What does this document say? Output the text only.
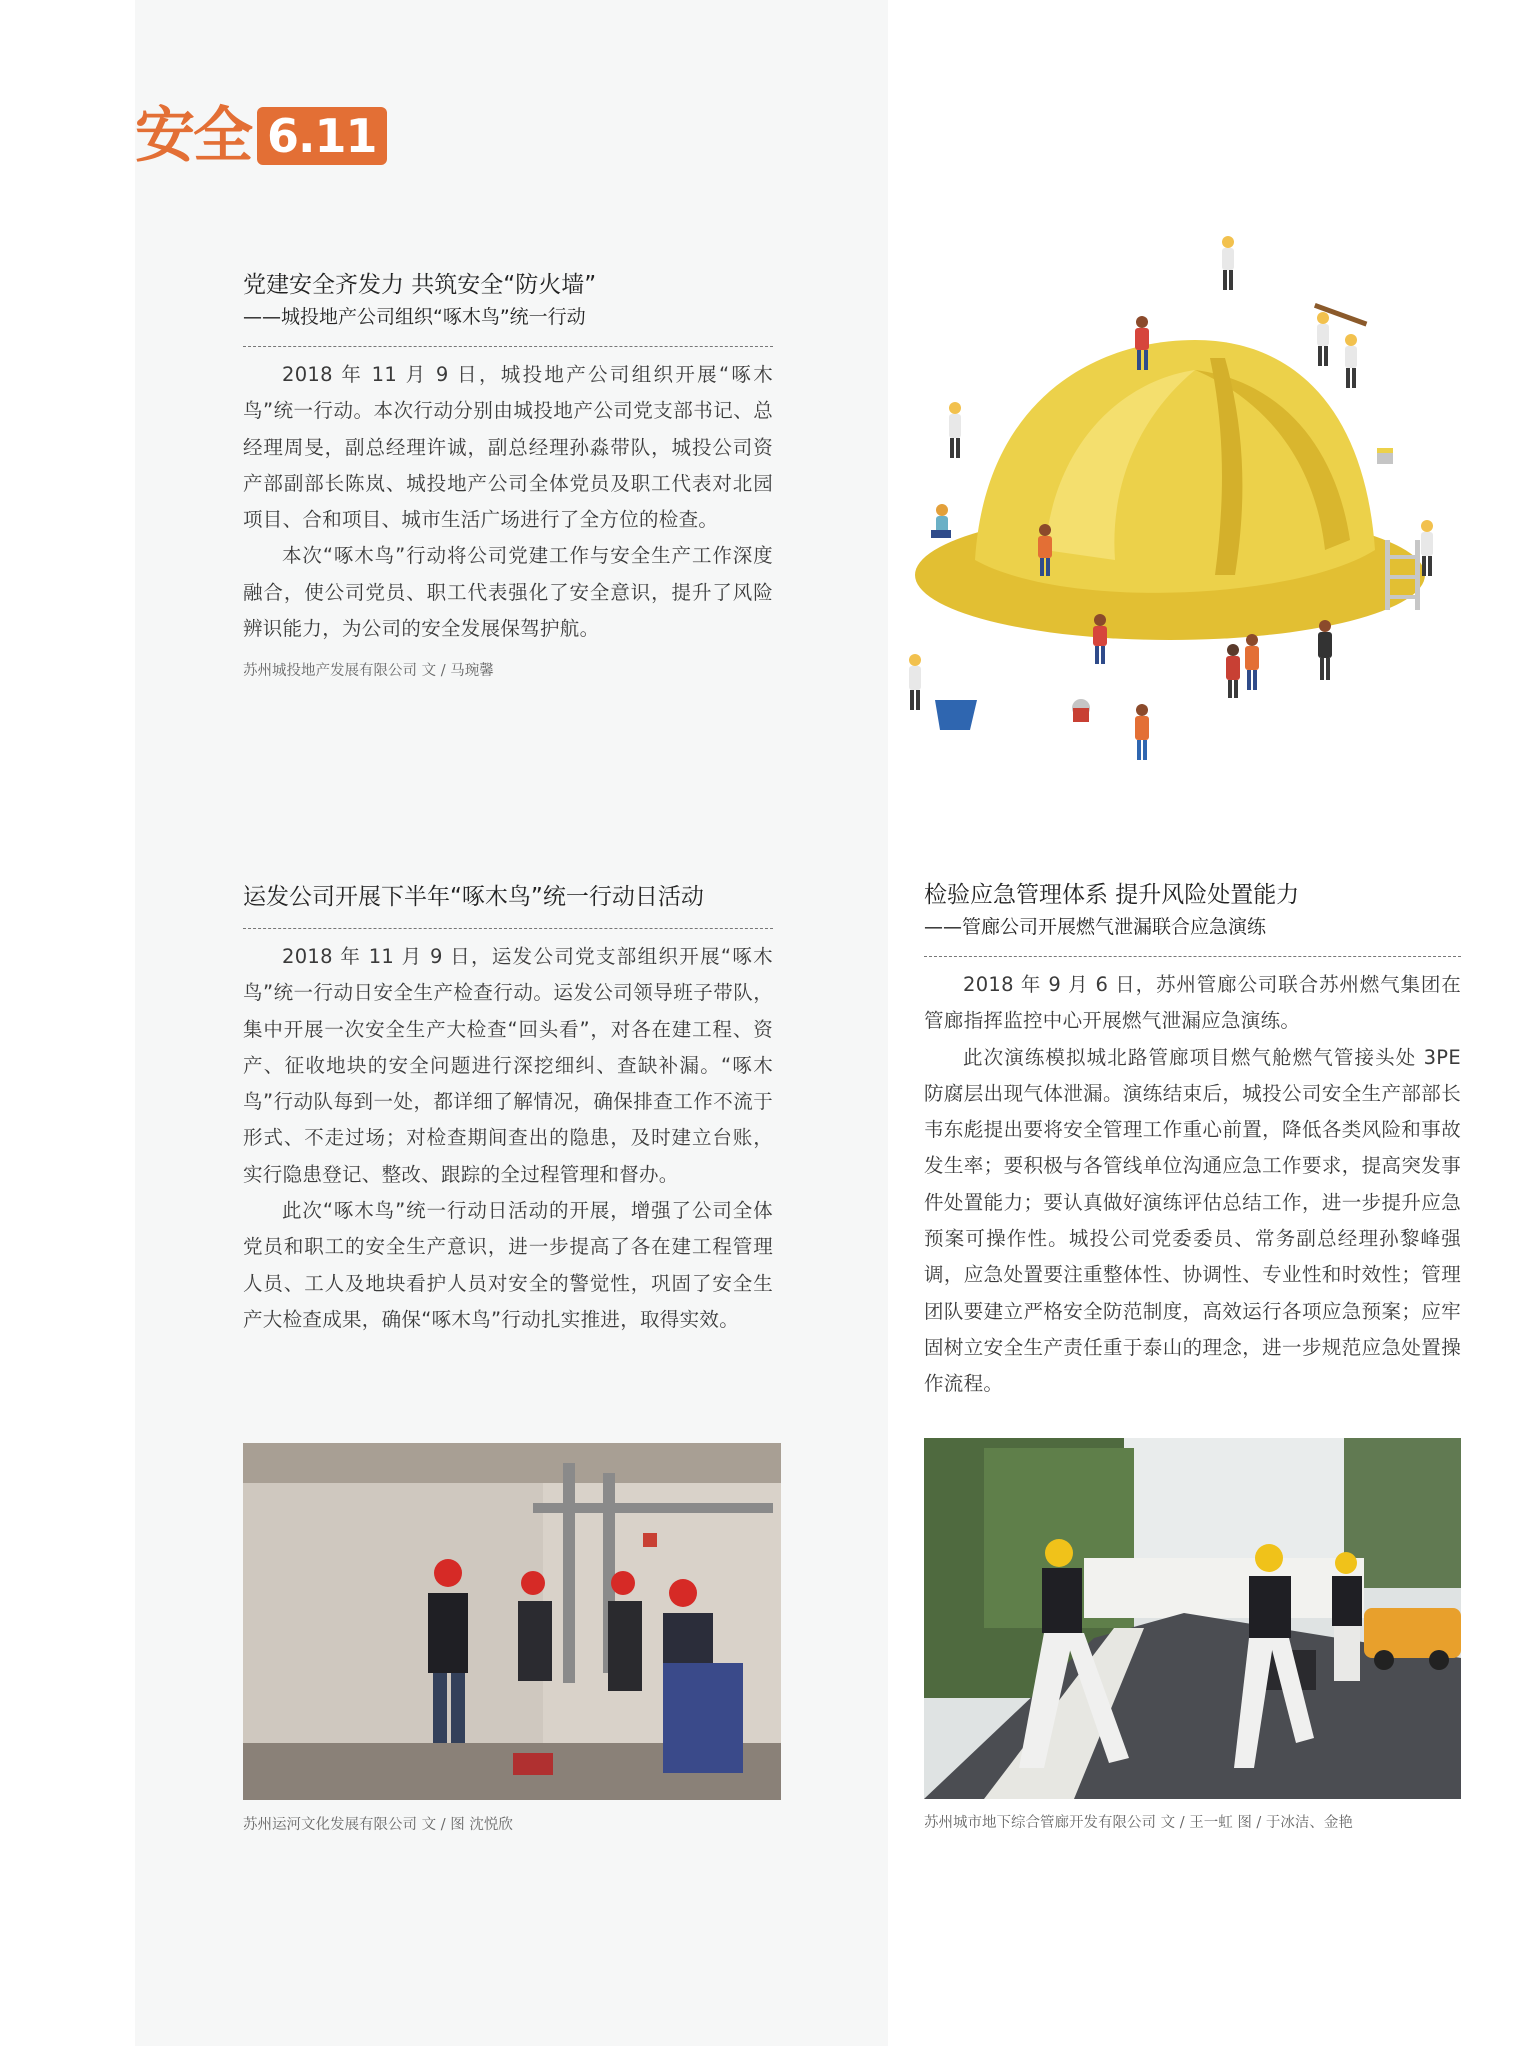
安全 6.11
党建安全齐发力 共筑安全“防火墙”

——城投地产公司组织“啄木鸟”统一行动

2018 年 11 月 9 日，城投地产公司组织开展“啄木鸟”统一行动。本次行动分别由城投地产公司党支部书记、总经理周旻，副总经理许诚，副总经理孙淼带队，城投公司资产部副部长陈岚、城投地产公司全体党员及职工代表对北园项目、合和项目、城市生活广场进行了全方位的检查。

本次“啄木鸟”行动将公司党建工作与安全生产工作深度融合，使公司党员、职工代表强化了安全意识，提升了风险辨识能力，为公司的安全发展保驾护航。

苏州城投地产发展有限公司 文 / 马琬馨
运发公司开展下半年“啄木鸟”统一行动日活动

2018 年 11 月 9 日，运发公司党支部组织开展“啄木鸟”统一行动日安全生产检查行动。运发公司领导班子带队，集中开展一次安全生产大检查“回头看”，对各在建工程、资产、征收地块的安全问题进行深挖细纠、查缺补漏。“啄木鸟”行动队每到一处，都详细了解情况，确保排查工作不流于形式、不走过场；对检查期间查出的隐患，及时建立台账，实行隐患登记、整改、跟踪的全过程管理和督办。

此次“啄木鸟”统一行动日活动的开展，增强了公司全体党员和职工的安全生产意识，进一步提高了各在建工程管理人员、工人及地块看护人员对安全的警觉性，巩固了安全生产大检查成果，确保“啄木鸟”行动扎实推进，取得实效。

苏州运河文化发展有限公司 文 / 图 沈悦欣
检验应急管理体系 提升风险处置能力

——管廊公司开展燃气泄漏联合应急演练

2018 年 9 月 6 日，苏州管廊公司联合苏州燃气集团在管廊指挥监控中心开展燃气泄漏应急演练。

此次演练模拟城北路管廊项目燃气舱燃气管接头处 3PE 防腐层出现气体泄漏。演练结束后，城投公司安全生产部部长韦东彪提出要将安全管理工作重心前置，降低各类风险和事故发生率；要积极与各管线单位沟通应急工作要求，提高突发事件处置能力；要认真做好演练评估总结工作，进一步提升应急预案可操作性。城投公司党委委员、常务副总经理孙黎峰强调，应急处置要注重整体性、协调性、专业性和时效性；管理团队要建立严格安全防范制度，高效运行各项应急预案；应牢固树立安全生产责任重于泰山的理念，进一步规范应急处置操作流程。

苏州城市地下综合管廊开发有限公司 文 / 王一虹 图 / 于冰洁、金艳
